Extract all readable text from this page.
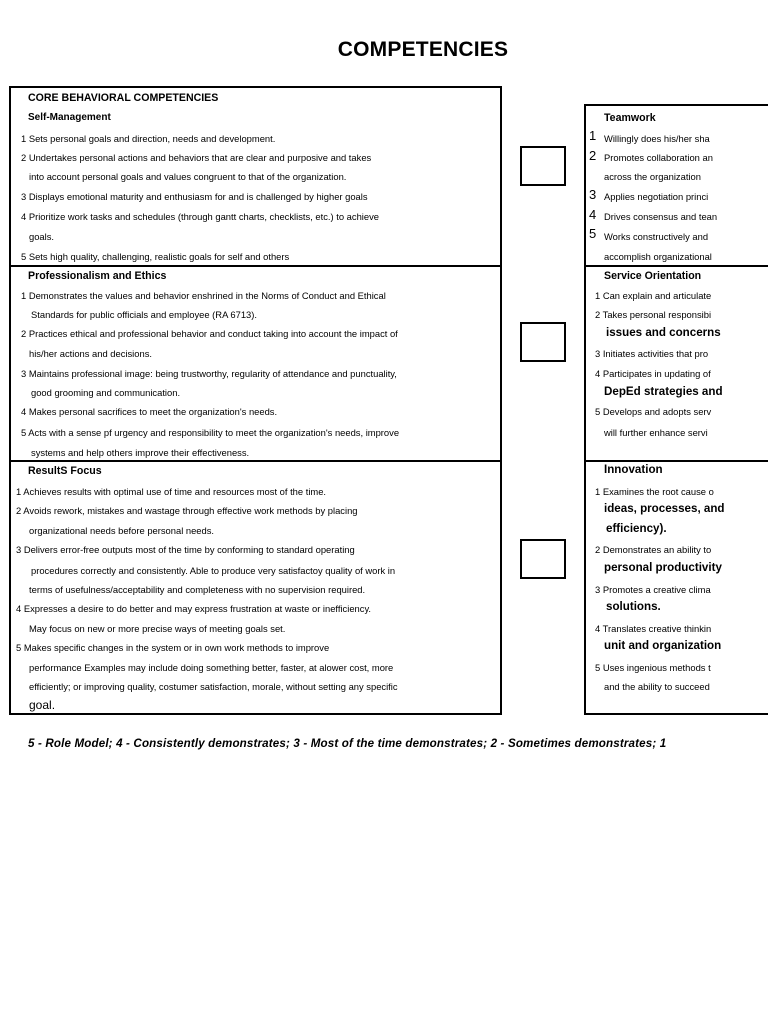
COMPETENCIES
CORE BEHAVIORAL COMPETENCIES
Self-Management
1 Sets personal goals and direction, needs and development.
2 Undertakes personal actions and behaviors that are clear and purposive and takes
into account personal goals and values congruent to that of the organization.
3 Displays emotional maturity and enthusiasm for and is challenged by higher goals
4 Prioritize work tasks and schedules (through gantt charts, checklists, etc.) to achieve
goals.
5 Sets high quality, challenging, realistic goals for self and others
Professionalism and Ethics
1 Demonstrates the values and behavior enshrined in the Norms of Conduct and Ethical
Standards for public officials and employee (RA 6713).
2 Practices ethical and professional behavior and conduct taking into account the impact of
his/her actions and decisions.
3 Maintains professional image: being trustworthy, regularity of attendance and punctuality,
good grooming and communication.
4 Makes personal sacrifices to meet the organization's needs.
5 Acts with a sense pf urgency and responsibility to meet the organization's needs, improve
systems and help others improve their effectiveness.
ResultS Focus
1 Achieves results with optimal use of time and resources most of the time.
2 Avoids rework, mistakes and wastage through effective work methods by placing
organizational needs before personal needs.
3 Delivers error-free outputs most of the time by conforming to standard operating
procedures correctly and consistently. Able to produce very satisfactoy quality of work in
terms of usefulness/acceptability and completeness with no supervision required.
4 Expresses a desire to do better and may express frustration at waste or inefficiency.
May focus on new or more precise ways of meeting goals set.
5 Makes specific changes in the system or in own work methods to improve
performance Examples may include doing something better, faster, at alower cost, more
efficiently; or improving quality, costumer satisfaction, morale, without setting any specific
goal.
Teamwork
1 Willingly does his/her sha
2 Promotes collaboration an
across the organization
3 Applies negotiation princi
4 Drives consensus and tean
5 Works constructively and
accomplish organizational
Service Orientation
1 Can explain and articulate
2 Takes personal responsibi
issues and concerns
3 Initiates activities that pro
4 Participates in updating of
DepEd strategies and
5 Develops and adopts serv
will further enhance servi
Innovation
1 Examines the root cause o
ideas, processes, and
efficiency).
2 Demonstrates an ability to
personal productivity
3 Promotes a creative clima
solutions.
4 Translates creative thinkin
unit and organization
5 Uses ingenious methods t
and the ability to succeed
5 - Role Model; 4 - Consistently demonstrates; 3 - Most of the time demonstrates; 2 - Sometimes demonstrates; 1
